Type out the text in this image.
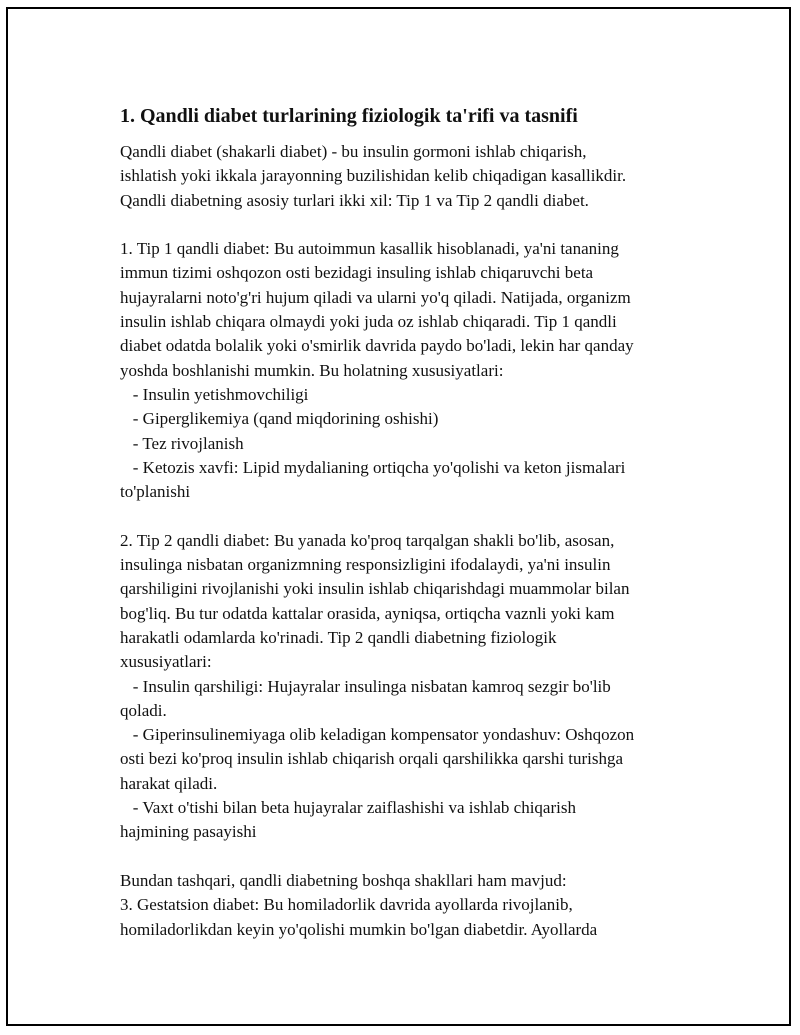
1. Qandli diabet turlarining fiziologik ta'rifi va tasnifi
Qandli diabet (shakarli diabet) - bu insulin gormoni ishlab chiqarish,
ishlatish yoki ikkala jarayonning buzilishidan kelib chiqadigan kasallikdir.
Qandli diabetning asosiy turlari ikki xil: Tip 1 va Tip 2 qandli diabet.
1. Tip 1 qandli diabet: Bu autoimmun kasallik hisoblanadi, ya'ni tananing
immun tizimi oshqozon osti bezidagi insuling ishlab chiqaruvchi beta
hujayralarni noto'g'ri hujum qiladi va ularni yo'q qiladi. Natijada, organizm
insulin ishlab chiqara olmaydi yoki juda oz ishlab chiqaradi. Tip 1 qandli
diabet odatda bolalik yoki o'smirlik davrida paydo bo'ladi, lekin har qanday
yoshda boshlanishi mumkin. Bu holatning xususiyatlari:
- Insulin yetishmovchiligi
- Giperglikemiya (qand miqdorining oshishi)
- Tez rivojlanish
- Ketozis xavfi: Lipid mydalianing ortiqcha yo'qolishi va keton jismalari
to'planishi
2. Tip 2 qandli diabet: Bu yanada ko'proq tarqalgan shakli bo'lib, asosan,
insulinga nisbatan organizmning responsizligini ifodalaydi, ya'ni insulin
qarshiligini rivojlanishi yoki insulin ishlab chiqarishdagi muammolar bilan
bog'liq. Bu tur odatda kattalar orasida, ayniqsa, ortiqcha vaznli yoki kam
harakatli odamlarda ko'rinadi. Tip 2 qandli diabetning fiziologik
xususiyatlari:
- Insulin qarshiligi: Hujayralar insulinga nisbatan kamroq sezgir bo'lib
qoladi.
- Giperinsulinemiyaga olib keladigan kompensator yondashuv: Oshqozon
osti bezi ko'proq insulin ishlab chiqarish orqali qarshilikka qarshi turishga
harakat qiladi.
- Vaxt o'tishi bilan beta hujayralar zaiflashishi va ishlab chiqarish
hajmining pasayishi
Bundan tashqari, qandli diabetning boshqa shakllari ham mavjud:
3. Gestatsion diabet: Bu homiladorlik davrida ayollarda rivojlanib,
homiladorlikdan keyin yo'qolishi mumkin bo'lgan diabetdir. Ayollarda
